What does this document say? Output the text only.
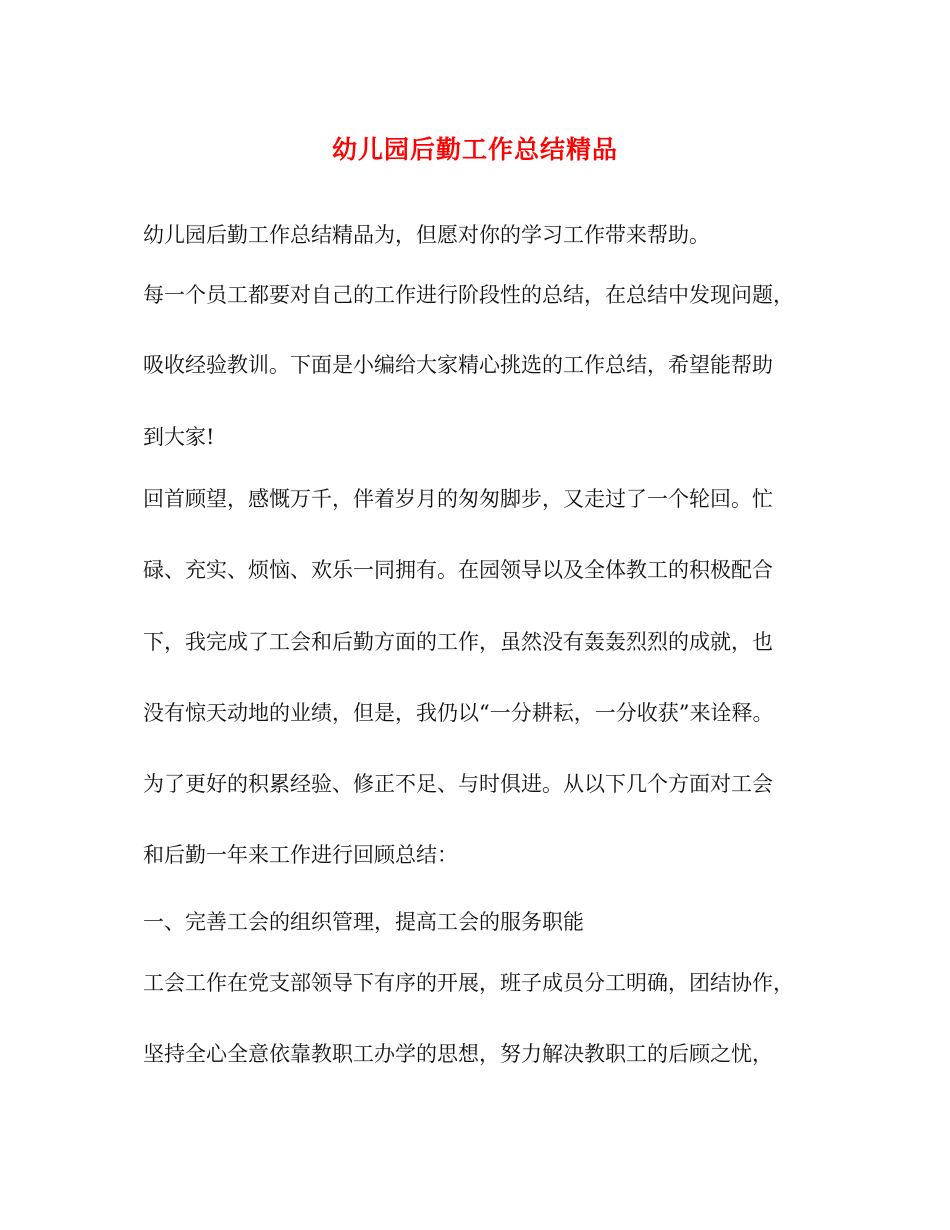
幼儿园后勤工作总结精品
幼儿园后勤工作总结精品为，但愿对你的学习工作带来帮助。
每一个员工都要对自己的工作进行阶段性的总结，在总结中发现问题，
吸收经验教训。下面是小编给大家精心挑选的工作总结，希望能帮助
到大家!
回首顾望，感慨万千，伴着岁月的匆匆脚步，又走过了一个轮回。忙
碌、充实、烦恼、欢乐一同拥有。在园领导以及全体教工的积极配合
下，我完成了工会和后勤方面的工作，虽然没有轰轰烈烈的成就，也
没有惊天动地的业绩，但是，我仍以“一分耕耘，一分收获”来诠释。
为了更好的积累经验、修正不足、与时俱进。从以下几个方面对工会
和后勤一年来工作进行回顾总结：
一、完善工会的组织管理，提高工会的服务职能
工会工作在党支部领导下有序的开展，班子成员分工明确，团结协作，
坚持全心全意依靠教职工办学的思想，努力解决教职工的后顾之忧，
